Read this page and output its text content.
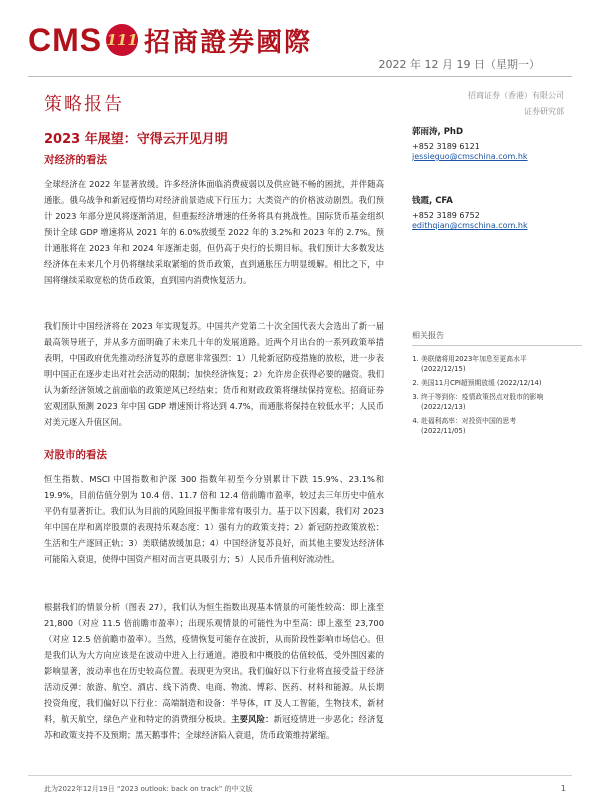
CMS 111 招商證券國際
2022 年 12 月 19 日（星期一）
策略报告	招商证券（香港）有限公司
证券研究部
2023 年展望：守得云开见月明
对经济的看法
全球经济在 2022 年显著放缓。许多经济体面临消费疲弱以及供应链不畅的困扰，并伴随高通胀。俄乌战争和新冠疫情均对经济前景造成下行压力；大类资产的价格波动剧烈。我们预计 2023 年部分逆风将逐渐消退，但重振经济增速的任务将具有挑战性。国际货币基金组织预计全球 GDP 增速将从 2021 年的 6.0%放缓至 2022 年的 3.2%和 2023 年的 2.7%。预计通胀将在 2023 年和 2024 年逐渐走弱，但仍高于央行的长期目标。我们预计大多数发达经济体在未来几个月仍将继续采取紧缩的货币政策，直到通胀压力明显缓解。相比之下，中国将继续采取宽松的货币政策，直到国内消费恢复活力。
我们预计中国经济将在 2023 年实现复苏。中国共产党第二十次全国代表大会选出了新一届最高领导班子，并从多方面明确了未来几十年的发展道路。近两个月出台的一系列政策举措表明，中国政府优先推动经济复苏的意愿非常强烈：1）几轮新冠防疫措施的放松，进一步表明中国正在逐步走出对社会活动的限制；加快经济恢复；2）允许房企获得必要的融资。我们认为新经济领域之前面临的政策逆风已经结束；货币和财政政策将继续保持宽松。招商证券宏观团队预测 2023 年中国 GDP 增速预计将达到 4.7%，而通胀将保持在较低水平；人民币对美元逐入升值区间。
对股市的看法
恒生指数、MSCI 中国指数和沪深 300 指数年初至今分别累计下跌 15.9%、23.1%和 19.9%，目前估值分别为 10.4 倍、11.7 倍和 12.4 倍前瞻市盈率，较过去三年历史中值水平仍有显著折让。我们认为目前的风险回报平衡非常有吸引力。基于以下因素，我们对 2023 年中国在岸和离岸股票的表现持乐观态度：1）强有力的政策支持；2）新冠防控政策放松：生活和生产逐回正轨；3）美联储放缓加息；4）中国经济复苏良好，而其他主要发达经济体可能陷入衰退，使得中国资产相对而言更具吸引力；5）人民币升值利好流动性。
根据我们的情景分析（图表 27），我们认为恒生指数出现基本情景的可能性较高：即上涨至 21,800（对应 11.5 倍前瞻市盈率）；出现乐观情景的可能性为中至高：即上涨至 23,700（对应 12.5 倍前瞻市盈率）。当然，疫情恢复可能存在波折，从而阶段性影响市场信心。但是我们认为大方向应该是在波动中进入上行通道。港股和中概股的估值较低，受外围因素的影响显著，波动率也在历史较高位置。表现更为突出。我们偏好以下行业将直接受益于经济活动反弹：旅游、航空、酒店、线下消费、电商、物流、博彩、医药、材料和能源。从长期投资角度，我们偏好以下行业：高端制造和设备：半导体，IT 及人工智能，生物技术，新材料，航天航空，绿色产业和特定的消费细分板块。主要风险：新冠疫情进一步恶化；经济复苏和政策支持不及预期；黑天鹅事件；全球经济陷入衰退，货币政策维持紧缩。
郭雨涛, PhD
+852 3189 6121
jessieguo@cmschina.com.hk
钱霞, CFA
+852 3189 6752
edithqian@cmschina.com.hk
相关报告
1. 美联储将用2023年加息至更高水平
(2022/12/15)
2. 美国11月CPI超预期放缓 (2022/12/14)
3. 终于等到你：疫情政策拐点对股市的影响
(2022/12/13)
4. 赴福利高率：对投资中国的思考
(2022/11/05)
此为2022年12月19日 “2023 outlook: back on track” 的中文版	1
